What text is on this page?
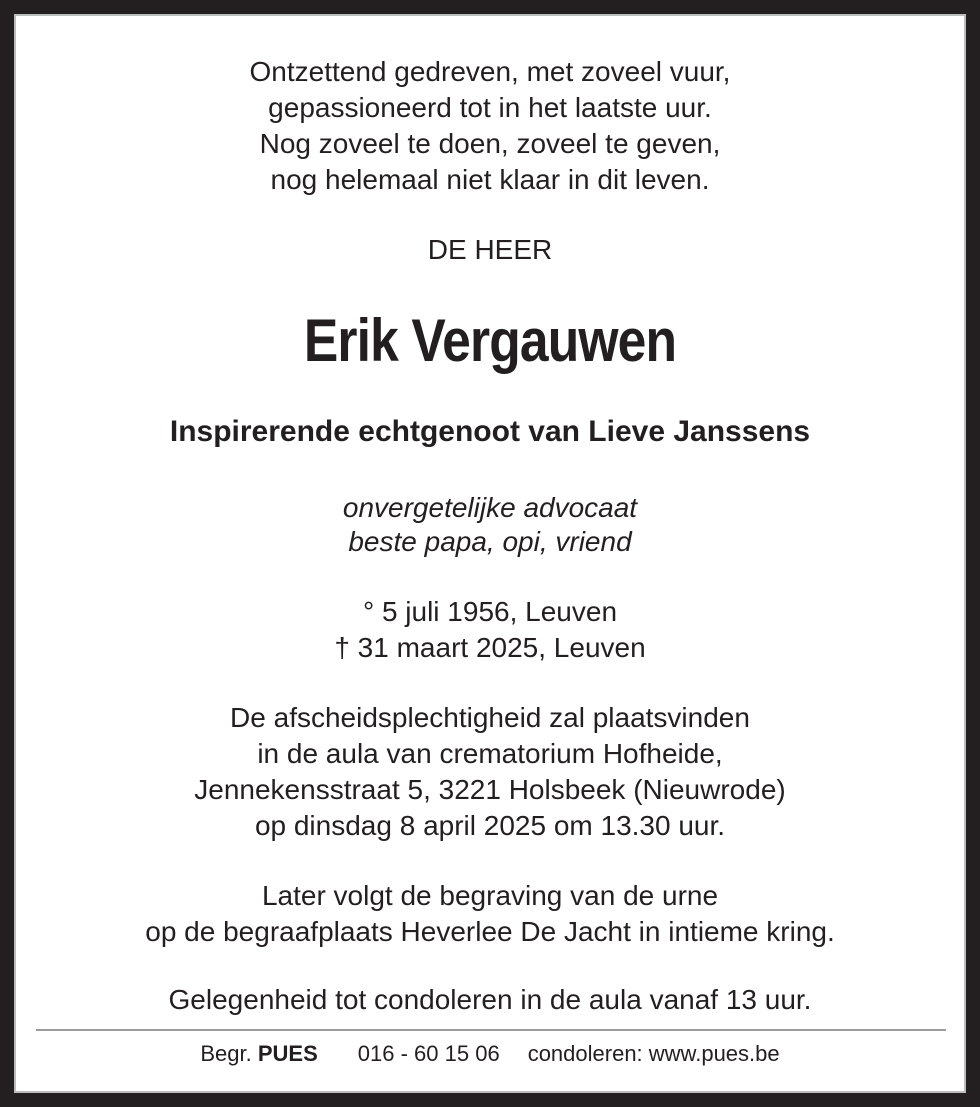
Ontzettend gedreven, met zoveel vuur,
gepassioneerd tot in het laatste uur.
Nog zoveel te doen, zoveel te geven,
nog helemaal niet klaar in dit leven.
DE HEER
Erik Vergauwen
Inspirerende echtgenoot van Lieve Janssens
onvergetelijke advocaat
beste papa, opi, vriend
° 5 juli 1956, Leuven
† 31 maart 2025, Leuven
De afscheidsplechtigheid zal plaatsvinden
in de aula van crematorium Hofheide,
Jennekensstraat 5, 3221 Holsbeek (Nieuwrode)
op dinsdag 8 april 2025 om 13.30 uur.
Later volgt de begraving van de urne
op de begraafplaats Heverlee De Jacht in intieme kring.
Gelegenheid tot condoleren in de aula vanaf 13 uur.
Begr. PUES 016 - 60 15 06 condoleren: www.pues.be
